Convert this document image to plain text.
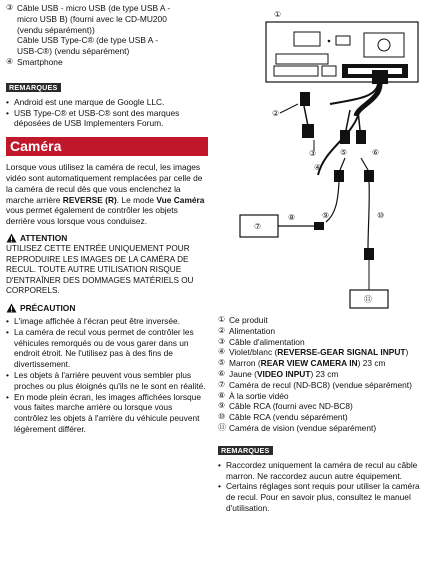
③ Câble USB - micro USB (de type USB A -
micro USB B) (fourni avec le CD-MU200
(vendu séparément))
Câble USB Type-C® (de type USB A -
USB-C®) (vendu séparément)
④ Smartphone
REMARQUES
• Android est une marque de Google LLC.
• USB Type-C® et USB-C® sont des marques déposées de USB Implementers Forum.
Caméra

Lorsque vous utilisez la caméra de recul, les images vidéo sont automatiquement remplacées par celle de la caméra de recul dès que vous enclenchez la marche arrière REVERSE (R). Le mode Vue Caméra vous permet également de contrôler les objets derrière vous lorsque vous conduisez.

ATTENTION

UTILISEZ CETTE ENTRÉE UNIQUEMENT POUR REPRODUIRE LES IMAGES DE LA CAMÉRA DE RECUL. TOUTE AUTRE UTILISATION RISQUE D'ENTRAÎNER DES DOMMAGES MATÉRIELS OU CORPORELS.

PRÉCAUTION
• L'image affichée à l'écran peut être inversée.
• La caméra de recul vous permet de contrôler les véhicules remorqués ou de vous garer dans un endroit étroit. Ne l'utilisez pas à des fins de divertissement.
• Les objets à l'arrière peuvent vous sembler plus proches ou plus éloignés qu'ils ne le sont en réalité.
• En mode plein écran, les images affichées lorsque vous faites marche arrière ou lorsque vous contrôlez les objets à l'arrière du véhicule peuvent légèrement différer.
①
②
③
④
⑤	⑥
⑨	⑩
⑦
⑧
⑪
① Ce produit
② Alimentation
③ Câble d'alimentation
④ Violet/blanc (REVERSE-GEAR SIGNAL INPUT)
⑤ Marron (REAR VIEW CAMERA IN) 23 cm
⑥ Jaune (VIDEO INPUT) 23 cm
⑦ Caméra de recul (ND-BC8) (vendue séparément)
⑧ À la sortie vidéo
⑨ Câble RCA (fourni avec ND-BC8)
⑩ Câble RCA (vendu séparément)
⑪ Caméra de vision (vendue séparément)
REMARQUES
• Raccordez uniquement la caméra de recul au câble marron. Ne raccordez aucun autre équipement.
• Certains réglages sont requis pour utiliser la caméra de recul. Pour en savoir plus, consultez le manuel d'utilisation.
